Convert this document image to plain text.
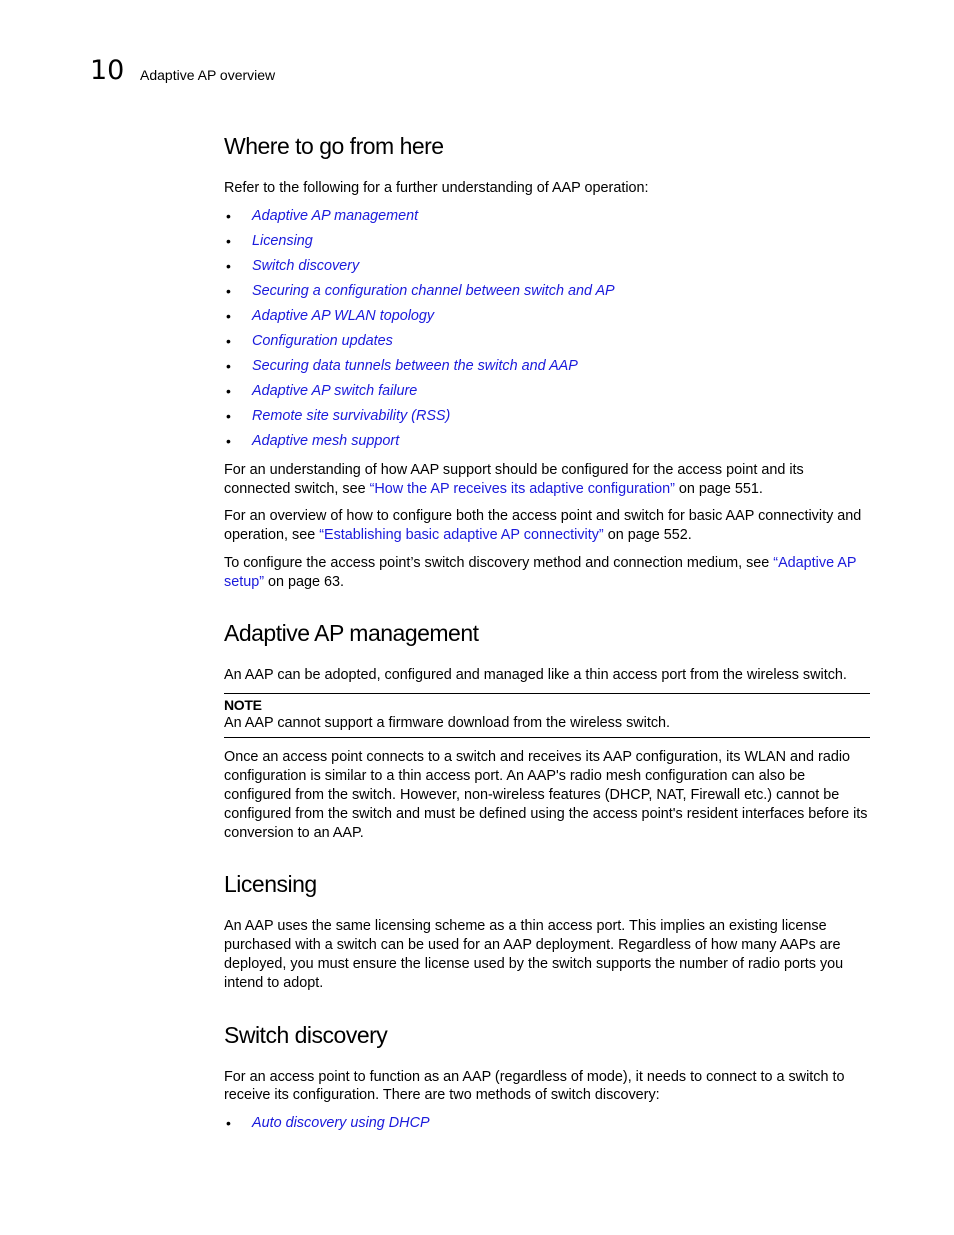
10 Adaptive AP overview
Where to go from here

Refer to the following for a further understanding of AAP operation:

• Adaptive AP management
• Licensing
• Switch discovery
• Securing a configuration channel between switch and AP
• Adaptive AP WLAN topology
• Configuration updates
• Securing data tunnels between the switch and AAP
• Adaptive AP switch failure
• Remote site survivability (RSS)
• Adaptive mesh support

For an understanding of how AAP support should be configured for the access point and its connected switch, see “How the AP receives its adaptive configuration” on page 551.

For an overview of how to configure both the access point and switch for basic AAP connectivity and operation, see “Establishing basic adaptive AP connectivity” on page 552.

To configure the access point’s switch discovery method and connection medium, see “Adaptive AP setup” on page 63.

Adaptive AP management

An AAP can be adopted, configured and managed like a thin access port from the wireless switch.

NOTE
An AAP cannot support a firmware download from the wireless switch.

Once an access point connects to a switch and receives its AAP configuration, its WLAN and radio configuration is similar to a thin access port. An AAP's radio mesh configuration can also be configured from the switch. However, non-wireless features (DHCP, NAT, Firewall etc.) cannot be configured from the switch and must be defined using the access point's resident interfaces before its conversion to an AAP.

Licensing

An AAP uses the same licensing scheme as a thin access port. This implies an existing license purchased with a switch can be used for an AAP deployment. Regardless of how many AAPs are deployed, you must ensure the license used by the switch supports the number of radio ports you intend to adopt.

Switch discovery

For an access point to function as an AAP (regardless of mode), it needs to connect to a switch to receive its configuration. There are two methods of switch discovery:

• Auto discovery using DHCP
